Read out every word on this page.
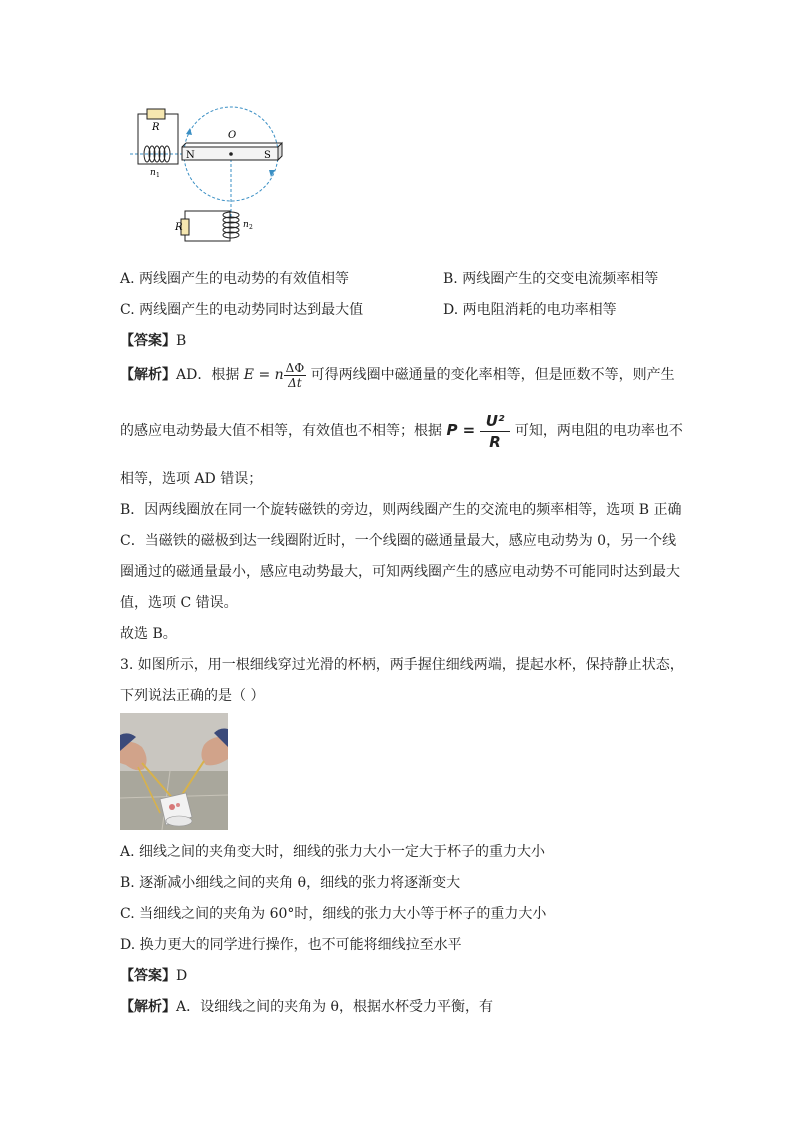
R
n 1
O
N	S
R	n 2
A. 两线圈产生的电动势的有效值相等	B. 两线圈产生的交变电流频率相等
C. 两线圈产生的电动势同时达到最大值	D. 两电阻消耗的电功率相等
【答案】B
【解析】AD．根据 E = n $\frac{\Delta\Phi}{\Delta t}$ 可得两线圈中磁通量的变化率相等，但是匝数不等，则产生
的感应电动势最大值不相等，有效值也不相等；根据 $P = \frac{\text{U²}}{R}$ 可知，两电阻的电功率也不
相等，选项 AD 错误；
B．因两线圈放在同一个旋转磁铁的旁边，则两线圈产生的交流电的频率相等，选项 B 正确
C．当磁铁的磁极到达一线圈附近时，一个线圈的磁通量最大，感应电动势为 0，另一个线
圈通过的磁通量最小，感应电动势最大，可知两线圈产生的感应电动势不可能同时达到最大
值，选项 C 错误。
故选 B。
3. 如图所示，用一根细线穿过光滑的杯柄，两手握住细线两端，提起水杯，保持静止状态，
下列说法正确的是（ ）
A. 细线之间的夹角变大时，细线的张力大小一定大于杯子的重力大小
B. 逐渐减小细线之间的夹角 θ，细线的张力将逐渐变大
C. 当细线之间的夹角为 60°时，细线的张力大小等于杯子的重力大小
D. 换力更大的同学进行操作，也不可能将细线拉至水平
【答案】D
【解析】A．设细线之间的夹角为 θ，根据水杯受力平衡，有
